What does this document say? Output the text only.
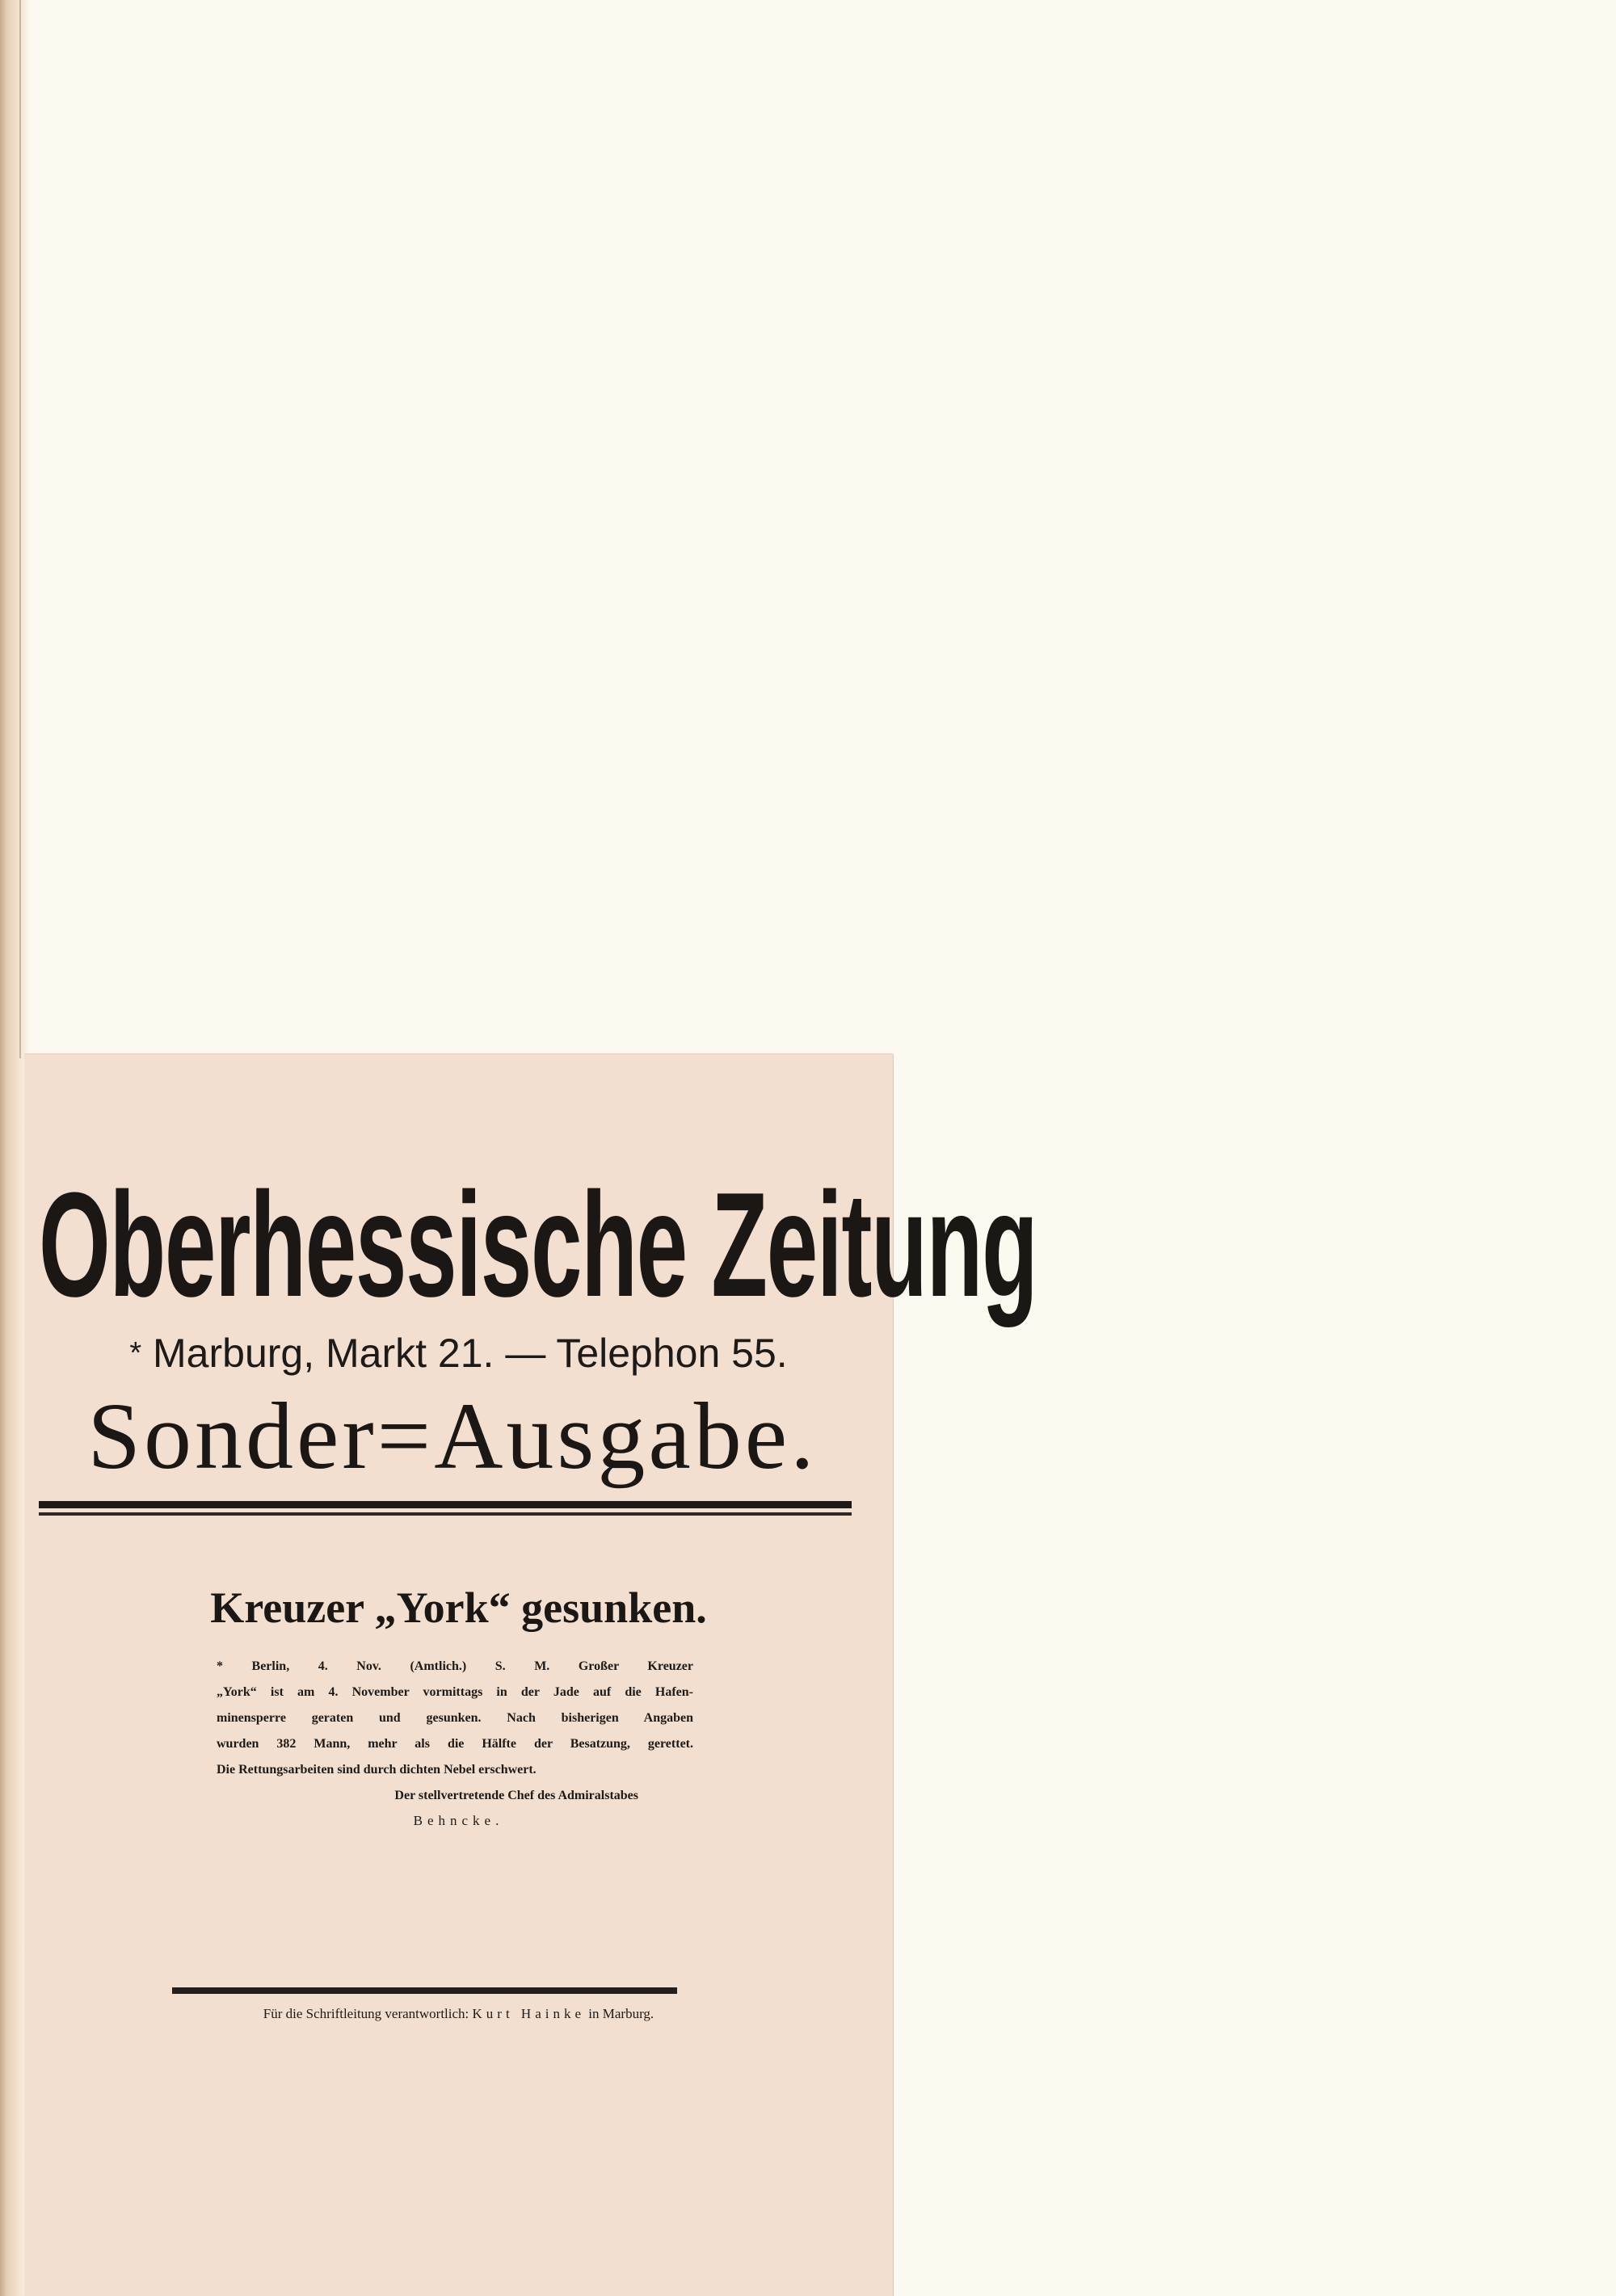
Oberhessische Zeitung
* Marburg, Markt 21. — Telephon 55.
Sonder=Ausgabe.
Kreuzer „York“ gesunken.

* Berlin, 4. Nov. (Amtlich.) S. M. Großer Kreuzer

„York“ ist am 4. November vormittags in der Jade auf die Hafen-

minensperre geraten und gesunken. Nach bisherigen Angaben

wurden 382 Mann, mehr als die Hälfte der Besatzung, gerettet.

Die Rettungsarbeiten sind durch dichten Nebel erschwert.

Der stellvertretende Chef des Admiralstabes
Behncke.
Für die Schriftleitung verantwortlich: Kurt Hainke in Marburg.
